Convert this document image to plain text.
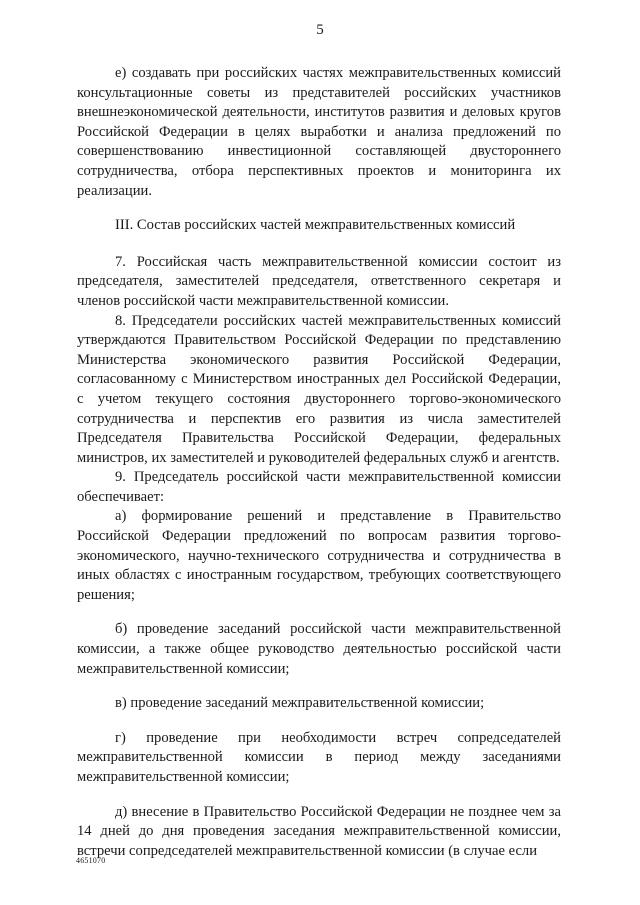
5

е) создавать при российских частях межправительственных комиссий консультационные советы из представителей российских участников внешнеэкономической деятельности, институтов развития и деловых кругов Российской Федерации в целях выработки и анализа предложений по совершенствованию инвестиционной составляющей двустороннего сотрудничества, отбора перспективных проектов и мониторинга их реализации.

III. Состав российских частей межправительственных комиссий

7. Российская часть межправительственной комиссии состоит из председателя, заместителей председателя, ответственного секретаря и членов российской части межправительственной комиссии.

8. Председатели российских частей межправительственных комиссий утверждаются Правительством Российской Федерации по представлению Министерства экономического развития Российской Федерации, согласованному с Министерством иностранных дел Российской Федерации, с учетом текущего состояния двустороннего торгово-экономического сотрудничества и перспектив его развития из числа заместителей Председателя Правительства Российской Федерации, федеральных министров, их заместителей и руководителей федеральных служб и агентств.

9. Председатель российской части межправительственной комиссии обеспечивает:

а) формирование решений и представление в Правительство Российской Федерации предложений по вопросам развития торгово-экономического, научно-технического сотрудничества и сотрудничества в иных областях с иностранным государством, требующих соответствующего решения;

б) проведение заседаний российской части межправительственной комиссии, а также общее руководство деятельностью российской части межправительственной комиссии;

в) проведение заседаний межправительственной комиссии;

г) проведение при необходимости встреч сопредседателей межправительственной комиссии в период между заседаниями межправительственной комиссии;

д) внесение в Правительство Российской Федерации не позднее чем за 14 дней до дня проведения заседания межправительственной комиссии, встречи сопредседателей межправительственной комиссии (в случае если

4651070
